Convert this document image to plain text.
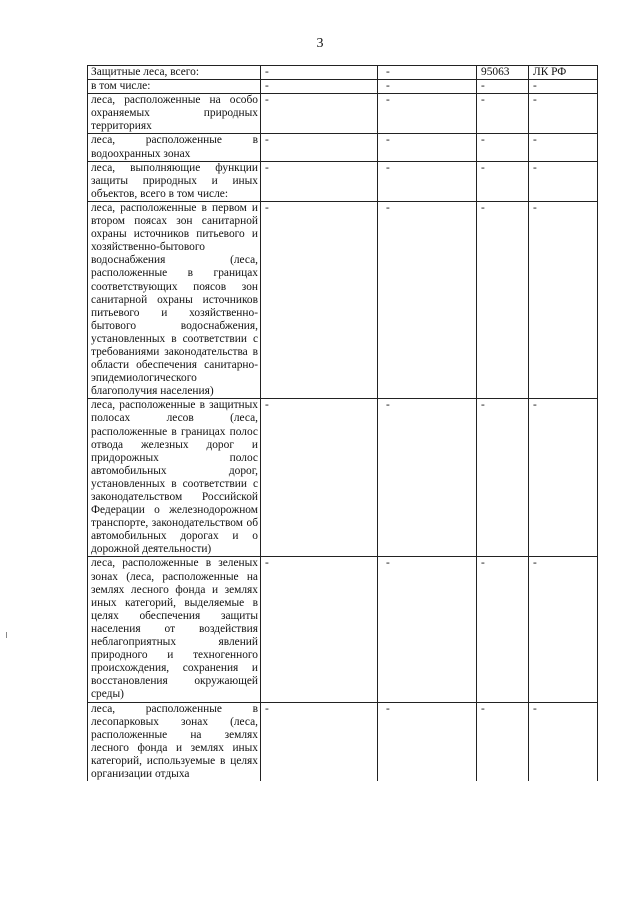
3
Защитные леса, всего:	-	-	95063	ЛК РФ
в том числе:	-	-	-	-
леса, расположенные на особо охраняемых природных территориях	-	-	-	-
леса, расположенные в водоохранных зонах	-	-	-	-
леса, выполняющие функции защиты природных и иных объектов, всего в том числе:	-	-	-	-
леса, расположенные в первом и втором поясах зон санитарной охраны источников питьевого и хозяйственно-бытового водоснабжения (леса, расположенные в границах соответствующих поясов зон санитарной охраны источников питьевого и хозяйственно-бытового водоснабжения, установленных в соответствии с требованиями законодательства в области обеспечения санитарно-эпидемиологического благополучия населения)	-	-	-	-
леса, расположенные в защитных полосах лесов (леса, расположенные в границах полос отвода железных дорог и придорожных полос автомобильных дорог, установленных в соответствии с законодательством Российской Федерации о железнодорожном транспорте, законодательством об автомобильных дорогах и о дорожной деятельности)	-	-	-	-
леса, расположенные в зеленых зонах (леса, расположенные на землях лесного фонда и землях иных категорий, выделяемые в целях обеспечения защиты населения от воздействия неблагоприятных явлений природного и техногенного происхождения, сохранения и восстановления окружающей среды)	-	-	-	-
леса, расположенные в лесопарковых зонах (леса, расположенные на землях лесного фонда и землях иных категорий, используемые в целях организации отдыха	-	-	-	-
